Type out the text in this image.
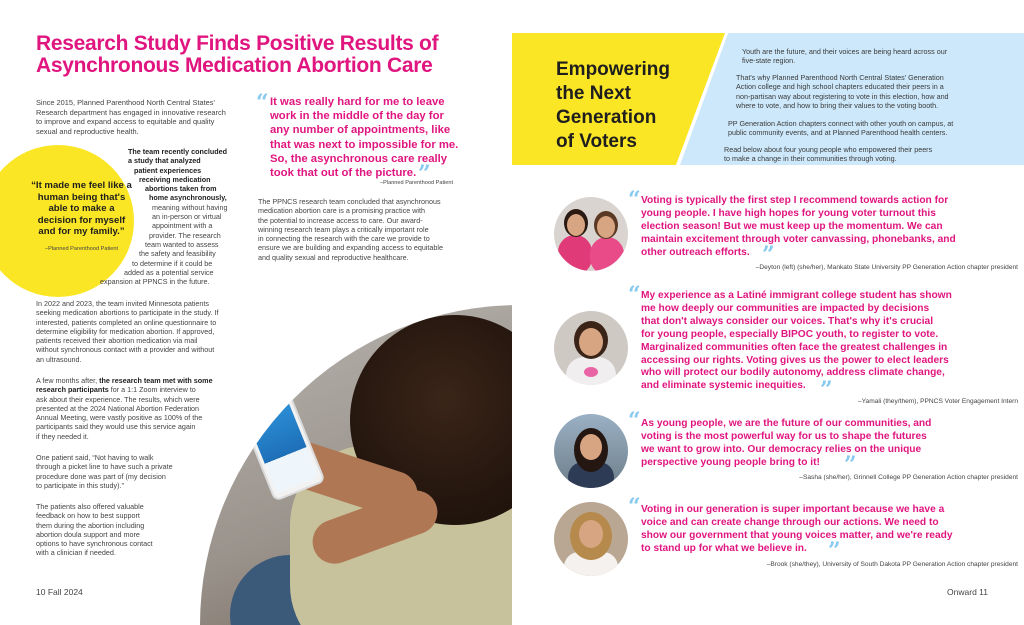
Research Study Finds Positive Results of Asynchronous Medication Abortion Care
Since 2015, Planned Parenthood North Central States'
Research department has engaged in innovative research
to improve and expand access to equitable and quality
sexual and reproductive health.
“It made me feel like a human being that's able to make a decision for myself and for my family.”
–Planned Parenthood Patient
The team recently concluded
a study that analyzed
patient experiences
receiving medication
abortions taken from
home asynchronously,
meaning without having
an in-person or virtual
appointment with a
provider. The research
team wanted to assess
the safety and feasibility
to determine if it could be
added as a potential service
expansion at PPNCS in the future.
“ It was really hard for me to leave
work in the middle of the day for
any number of appointments, like
that was next to impossible for me.
So, the asynchronous care really
took that out of the picture. ”
–Planned Parenthood Patient
The PPNCS research team concluded that asynchronous
medication abortion care is a promising practice with
the potential to increase access to care. Our award-
winning research team plays a critically important role
in connecting the research with the care we provide to
ensure we are building and expanding access to equitable
and quality sexual and reproductive healthcare.
In 2022 and 2023, the team invited Minnesota patients
seeking medication abortions to participate in the study. If
interested, patients completed an online questionnaire to
determine eligibility for medication abortion. If approved,
patients received their abortion medication via mail
without synchronous contact with a provider and without
an ultrasound.
A few months after, the research team met with some
research participants for a 1:1 Zoom interview to
ask about their experience. The results, which were
presented at the 2024 National Abortion Federation
Annual Meeting, were vastly positive as 100% of the
participants said they would use this service again
if they needed it.
One patient said, “Not having to walk
through a picket line to have such a private
procedure done was part of (my decision
to participate in this study).”
The patients also offered valuable
feedback on how to best support
them during the abortion including
abortion doula support and more
options to have synchronous contact
with a clinician if needed.
10 Fall 2024
Empowering
the Next
Generation
of Voters
Youth are the future, and their voices are being heard across our
five-state region.
That's why Planned Parenthood North Central States' Generation
Action college and high school chapters educated their peers in a
non-partisan way about registering to vote in this election, how and
where to vote, and how to bring their values to the voting booth.
PP Generation Action chapters connect with other youth on campus, at
public community events, and at Planned Parenthood health centers.
Read below about four young people who empowered their peers
to make a change in their communities through voting.
“ Voting is typically the first step I recommend towards action for
young people. I have high hopes for young voter turnout this
election season! But we must keep up the momentum. We can
maintain excitement through voter canvassing, phonebanks, and
other outreach efforts. ”
–Deyton (left) (she/her), Mankato State University PP Generation Action chapter president
“ My experience as a Latiné immigrant college student has shown
me how deeply our communities are impacted by decisions
that don't always consider our voices. That's why it's crucial
for young people, especially BIPOC youth, to register to vote.
Marginalized communities often face the greatest challenges in
accessing our rights. Voting gives us the power to elect leaders
who will protect our bodily autonomy, address climate change,
and eliminate systemic inequities. ”	–Yamali (they/them), PPNCS Voter Engagement Intern
“ As young people, we are the future of our communities, and
voting is the most powerful way for us to shape the futures
we want to grow into. Our democracy relies on the unique
perspective young people bring to it!	”
–Sasha (she/her), Grinnell College PP Generation Action chapter president
“ Voting in our generation is super important because we have a
voice and can create change through our actions. We need to
show our government that young voices matter, and we're ready
to stand up for what we believe in. ”
–Brook (she/they), University of South Dakota PP Generation Action chapter president
Onward 11
